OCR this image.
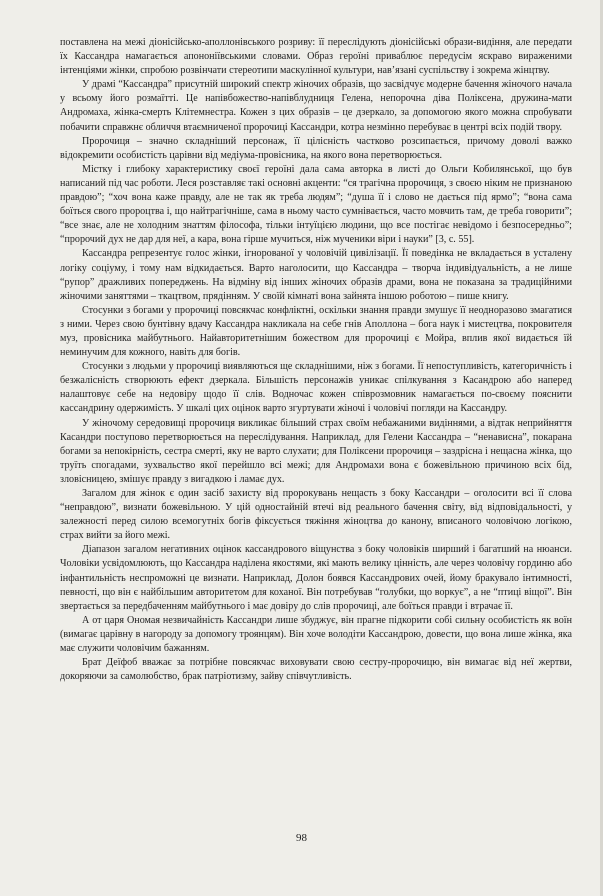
поставлена на межі діонісійсько-аполлонівського розриву: її переслідують діонісійські образи-видіння, але передати їх Кассандра намагається апононіївськими словами. Образ героїні приваблює передусім яскраво вираженими інтенціями жінки, спробою розвінчати стереотипи маскулінної культури, нав’язані суспільству і зокрема жінцтву.

У драмі “Кассандра” присутній широкий спектр жіночих образів, що засвідчує модерне бачення жіночого начала у всьому його розмаїтті. Це напівбожество-напівблудниця Гелена, непорочна діва Поліксена, дружина-мати Андромаха, жінка-смерть Клітемнестра. Кожен з цих образів – це дзеркало, за допомогою якого можна спробувати побачити справжнє обличчя втаємниченої пророчиці Кассандри, котра незмінно перебуває в центрі всіх подій твору.

Пророчиця – значно складніший персонаж, її цілісність частково розсипається, причому доволі важко відокремити особистість царівни від медіума-провісника, на якого вона перетворюється.

Містку і глибоку характеристику своєї героїні дала сама авторка в листі до Ольги Кобилянської, що був написаний під час роботи. Леся розставляє такі основні акценти: “ся трагічна пророчиця, з своєю ніким не признаною правдою”; “хоч вона каже правду, але не так як треба людям”; “душа її і слово не дається під ярмо”; “вона сама боїться свого пророцтва і, що найтрагічніше, сама в ньому часто сумнівається, часто мовчить там, де треба говорити”; “все знає, але не холодним знаттям філософа, тільки інтуїцією людини, що все постігає невідомо і безпосередньо”; “пророчий дух не дар для неї, а кара, вона гірше мучиться, ніж мученики віри і науки” [3, с. 55].

Кассандра репрезентує голос жінки, ігнорованої у чоловічій цивілізації. Її поведінка не вкладається в усталену логіку соціуму, і тому нам відкидається. Варто наголосити, що Кассандра – творча індивідуальність, а не лише “рупор” дражливих попереджень. На відміну від інших жіночих образів драми, вона не показана за традиційними жіночими заняттями – ткацтвом, прядінням. У своїй кімнаті вона зайнята іншою роботою – пише книгу.

Стосунки з богами у пророчиці повсякчас конфліктні, оскільки знання правди змушує її неодноразово змагатися з ними. Через свою бунтівну вдачу Кассандра накликала на себе гнів Аполлона – бога наук і мистецтва, покровителя муз, провісника майбутнього. Найавторитетнішим божеством для пророчиці є Мойра, вплив якої видається їй неминучим для кожного, навіть для богів.

Стосунки з людьми у пророчиці виявляються ще складнішими, ніж з богами. Її непоступливість, категоричність і безжалісність створюють ефект дзеркала. Більшість персонажів уникає спілкування з Касандрою або наперед налаштовує себе на недовіру щодо її слів. Водночас кожен співрозмовник намагається по-своєму пояснити кассандрину одержимість. У шкалі цих оцінок варто згуртувати жіночі і чоловічі погляди на Кассандру.

У жіночому середовищі пророчиця викликає більший страх своїм небажаними видіннями, а відтак неприйняття Касандри поступово перетворюється на переслідування. Наприклад, для Гелени Кассандра – “ненависна”, покарана богами за непокірність, сестра смерті, яку не варто слухати; для Поліксени пророчиця – заздрісна і нещасна жінка, що труїть спогадами, зухвальство якої перейшло всі межі; для Андромахи вона є божевільною причиною всіх бід, зловісницею, змішує правду з вигадкою і ламає дух.

Загалом для жінок є один засіб захисту від пророкувань нещасть з боку Кассандри – оголосити всі її слова “неправдою”, визнати божевільною. У цій одностайній втечі від реального бачення світу, від відповідальності, у залежності перед силою всемогутніх богів фіксується тяжіння жіноцтва до канону, вписаного чоловічою логікою, страх вийти за його межі.

Діапазон загалом негативних оцінок кассандрового віщунства з боку чоловіків ширший і багатший на нюанси. Чоловіки усвідомлюють, що Кассандра наділена якостями, які мають велику цінність, але через чоловічу гординю або інфантильність неспроможні це визнати. Наприклад, Долон боявся Кассандрових очей, йому бракувало інтимності, певності, що він є найбільшим авторитетом для коханої. Він потребував “голубки, що воркує”, а не “птиці віщої”. Він звертається за передбаченням майбутнього і має довіру до слів пророчиці, але боїться правди і втрачає її.

А от царя Ономая незвичайність Кассандри лише збуджує, він прагне підкорити собі сильну особистість як воїн (вимагає царівну в нагороду за допомогу троянцям). Він хоче володіти Кассандрою, довести, що вона лише жінка, яка має служити чоловічим бажанням.

Брат Деїфоб вважає за потрібне повсякчас виховувати свою сестру-пророчицю, він вимагає від неї жертви, докоряючи за самолюбство, брак патріотизму, зайву співчутливість.

98
